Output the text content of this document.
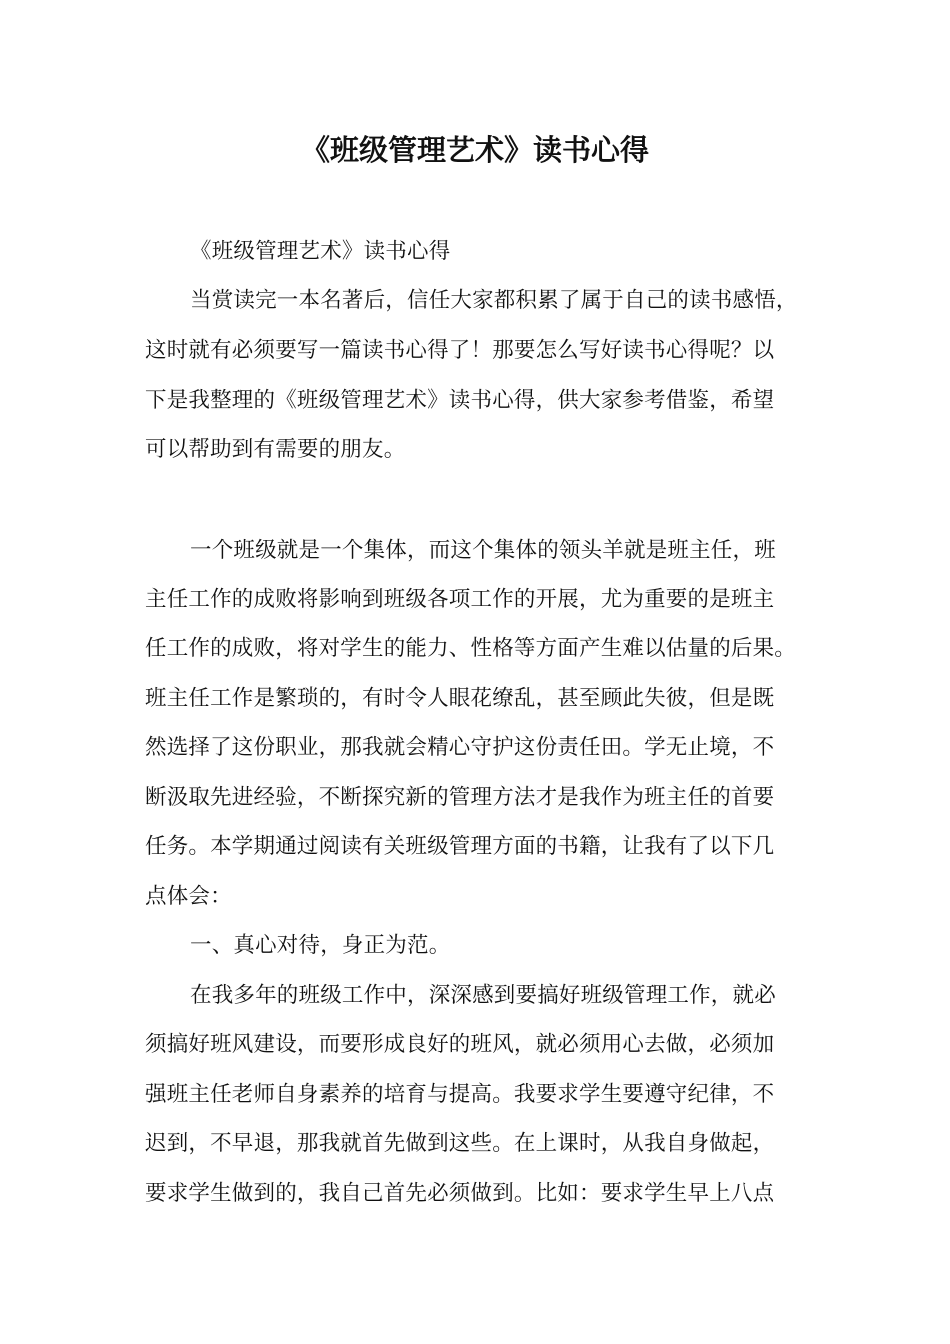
《班级管理艺术》读书心得
《班级管理艺术》读书心得
当赏读完一本名著后，信任大家都积累了属于自己的读书感悟，
这时就有必须要写一篇读书心得了！那要怎么写好读书心得呢？以
下是我整理的《班级管理艺术》读书心得，供大家参考借鉴，希望
可以帮助到有需要的朋友。
一个班级就是一个集体，而这个集体的领头羊就是班主任，班
主任工作的成败将影响到班级各项工作的开展，尤为重要的是班主
任工作的成败，将对学生的能力、性格等方面产生难以估量的后果。
班主任工作是繁琐的，有时令人眼花缭乱，甚至顾此失彼，但是既
然选择了这份职业，那我就会精心守护这份责任田。学无止境，不
断汲取先进经验，不断探究新的管理方法才是我作为班主任的首要
任务。本学期通过阅读有关班级管理方面的书籍，让我有了以下几
点体会：
一、真心对待，身正为范。
在我多年的班级工作中，深深感到要搞好班级管理工作，就必
须搞好班风建设，而要形成良好的班风，就必须用心去做，必须加
强班主任老师自身素养的培育与提高。我要求学生要遵守纪律，不
迟到，不早退，那我就首先做到这些。在上课时，从我自身做起，
要求学生做到的，我自己首先必须做到。比如：要求学生早上八点
